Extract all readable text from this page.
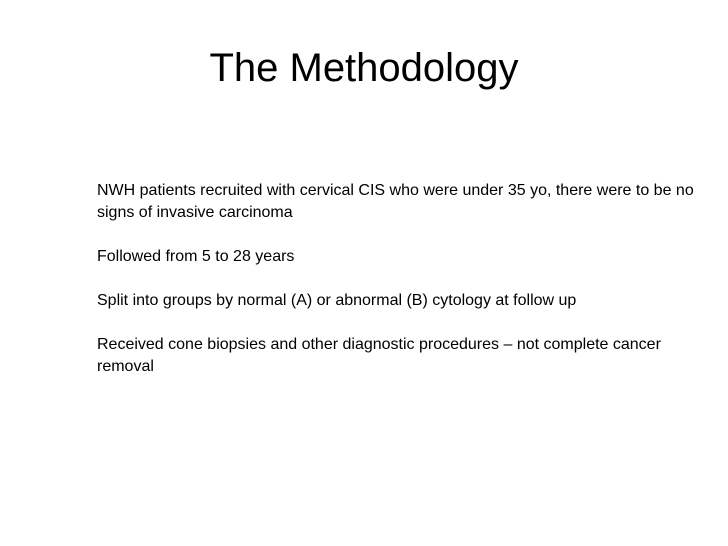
The Methodology

NWH patients recruited with cervical CIS who were under 35 yo, there were to be no signs of invasive carcinoma

Followed from 5 to 28 years

Split into groups by normal (A) or abnormal (B) cytology at follow up

Received cone biopsies and other diagnostic procedures – not complete cancer removal
